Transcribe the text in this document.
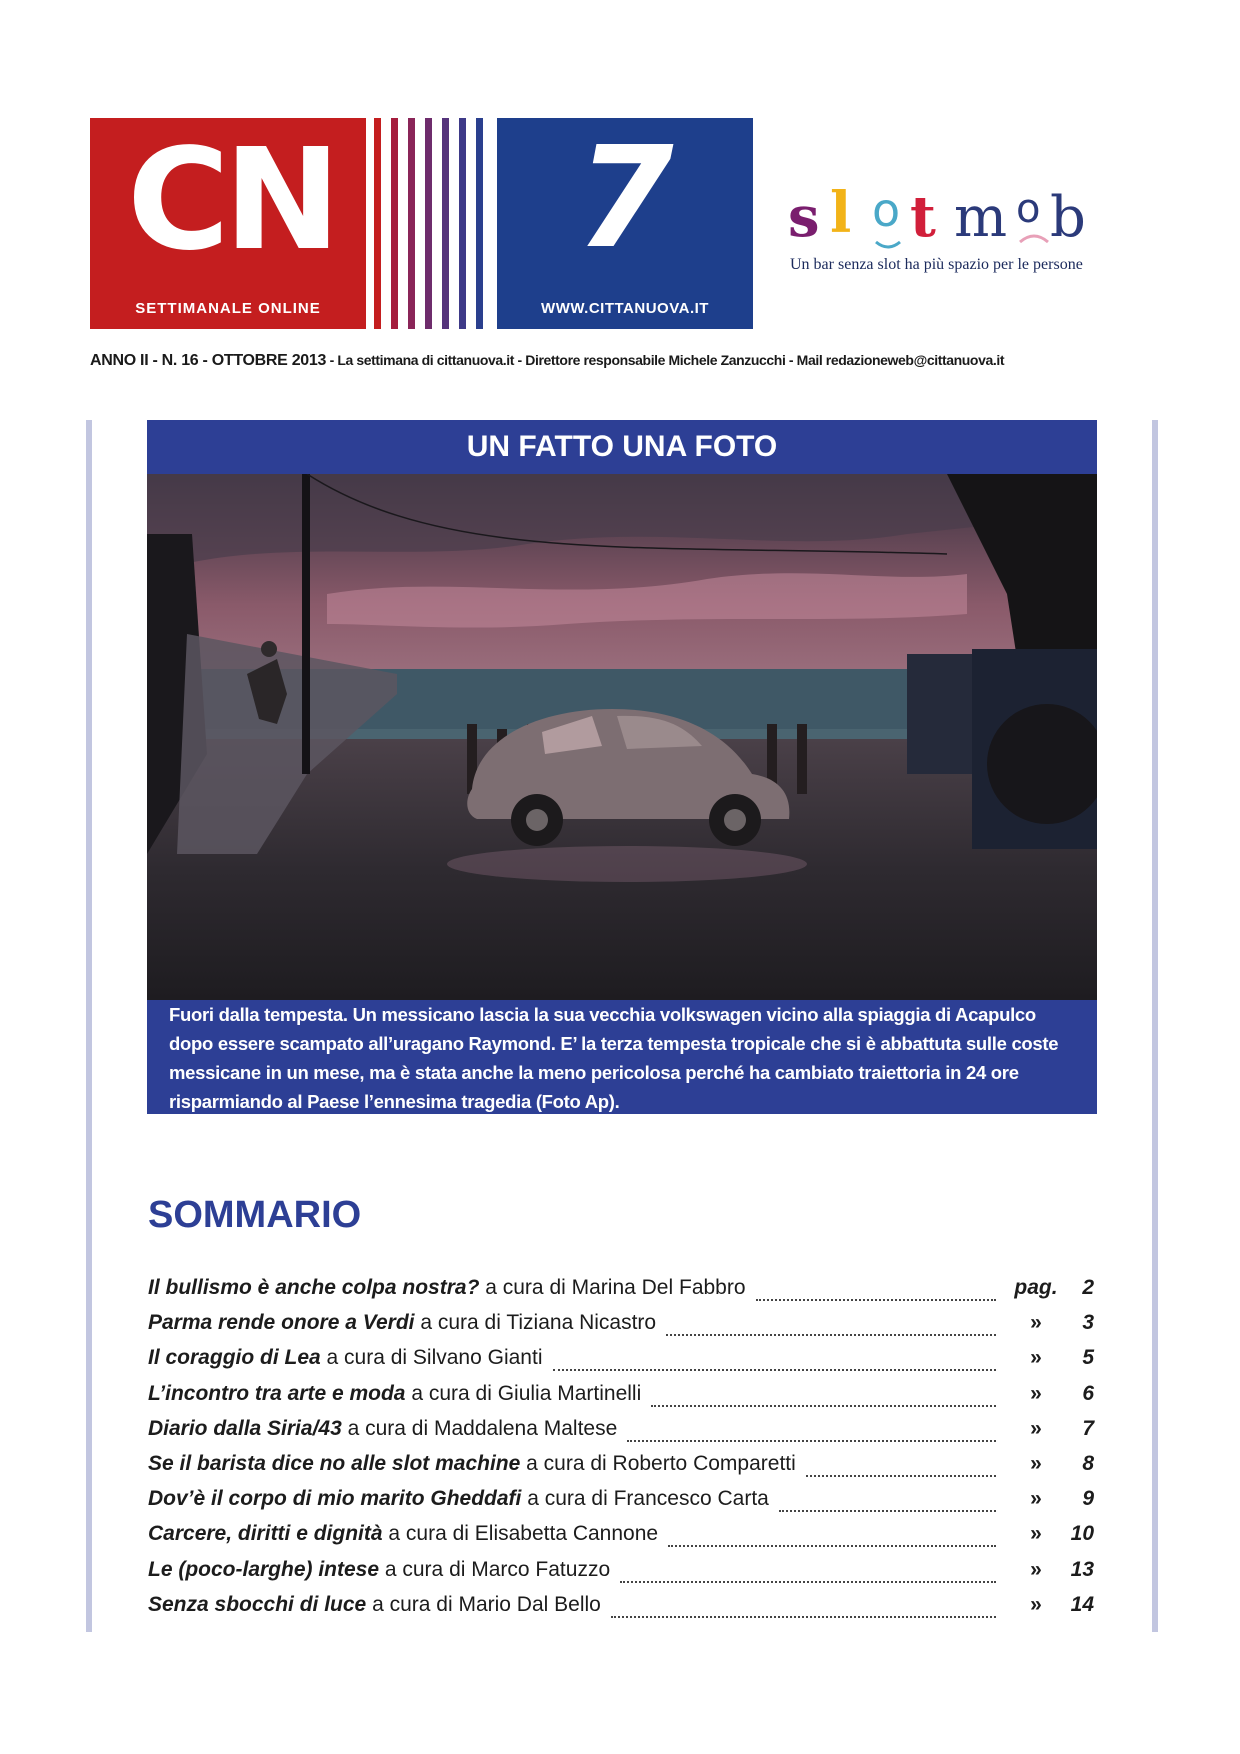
CN
SETTIMANALE ONLINE
7
WWW.CITTANUOVA.IT
s l o t m o b
Un bar senza slot ha più spazio per le persone
ANNO II - N. 16 - OTTOBRE 2013 - La settimana di cittanuova.it - Direttore responsabile Michele Zanzucchi - Mail redazioneweb@cittanuova.it
UN FATTO UNA FOTO

Fuori dalla tempesta. Un messicano lascia la sua vecchia volkswagen vicino alla spiaggia di Acapulco

dopo essere scampato all’uragano Raymond. E’ la terza tempesta tropicale che si è abbattuta sulle coste

messicane in un mese, ma è stata anche la meno pericolosa perché ha cambiato traiettoria in 24 ore

risparmiando al Paese l’ennesima tragedia (Foto Ap).

SOMMARIO
Il bullismo è anche colpa nostra? a cura di Marina Del Fabbro	pag.	2
Parma rende onore a Verdi a cura di Tiziana Nicastro	»	3
Il coraggio di Lea a cura di Silvano Gianti	»	5
L’incontro tra arte e moda a cura di Giulia Martinelli	»	6
Diario dalla Siria/43 a cura di Maddalena Maltese	»	7
Se il barista dice no alle slot machine a cura di Roberto Comparetti	»	8
Dov’è il corpo di mio marito Gheddafi a cura di Francesco Carta	»	9
Carcere, diritti e dignità a cura di Elisabetta Cannone	»	10
Le (poco-larghe) intese a cura di Marco Fatuzzo	»	13
Senza sbocchi di luce a cura di Mario Dal Bello	»	14
